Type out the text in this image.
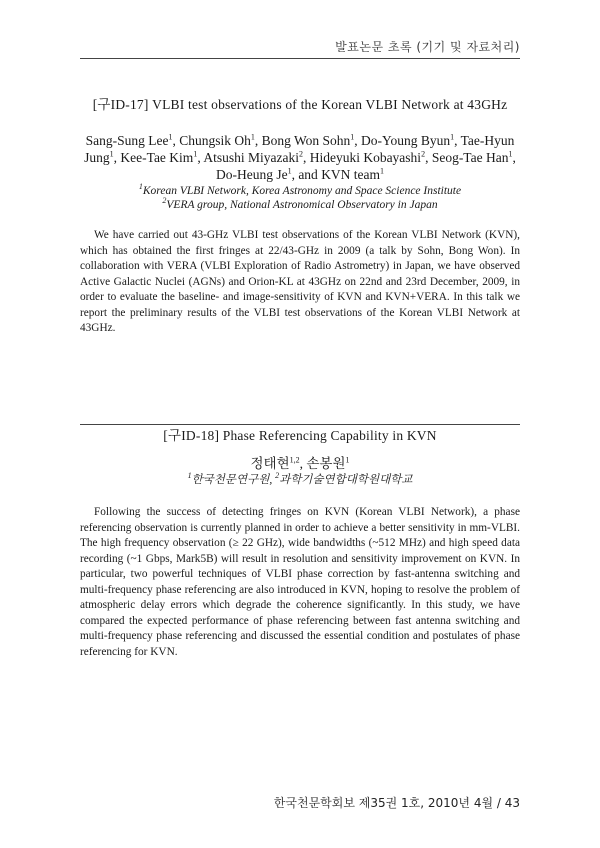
발표논문 초록 (기기 및 자료처리)
[구ID-17] VLBI test observations of the Korean VLBI Network at 43GHz
Sang-Sung Lee$^1$, Chungsik Oh$^1$, Bong Won Sohn$^1$, Do-Young Byun$^1$, Tae-Hyun Jung$^1$, Kee-Tae Kim$^1$, Atsushi Miyazaki$^2$, Hideyuki Kobayashi$^2$, Seog-Tae Han$^1$, Do-Heung Je$^1$, and KVN team$^1$
$^1$Korean VLBI Network, Korea Astronomy and Space Science Institute
$^2$VERA group, National Astronomical Observatory in Japan
We have carried out 43-GHz VLBI test observations of the Korean VLBI Network (KVN), which has obtained the first fringes at 22/43-GHz in 2009 (a talk by Sohn, Bong Won). In collaboration with VERA (VLBI Exploration of Radio Astrometry) in Japan, we have observed Active Galactic Nuclei (AGNs) and Orion-KL at 43GHz on 22nd and 23rd December, 2009, in order to evaluate the baseline- and image-sensitivity of KVN and KVN+VERA. In this talk we report the preliminary results of the VLBI test observations of the Korean VLBI Network at 43GHz.
[구ID-18] Phase Referencing Capability in KVN
정태현$^{1,2}$, 손봉원$^1$
$^1$한국천문연구원, $^2$과학기술연합대학원대학교
Following the success of detecting fringes on KVN (Korean VLBI Network), a phase referencing observation is currently planned in order to achieve a better sensitivity in mm-VLBI. The high frequency observation (≥ 22 GHz), wide bandwidths (~512 MHz) and high speed data recording (~1 Gbps, Mark5B) will result in resolution and sensitivity improvement on KVN. In particular, two powerful techniques of VLBI phase correction by fast-antenna switching and multi-frequency phase referencing are also introduced in KVN, hoping to resolve the problem of atmospheric delay errors which degrade the coherence significantly. In this study, we have compared the expected performance of phase referencing between fast antenna switching and multi-frequency phase referencing and discussed the essential condition and postulates of phase referencing for KVN.
한국천문학회보 제35권 1호, 2010년 4월 / 43
